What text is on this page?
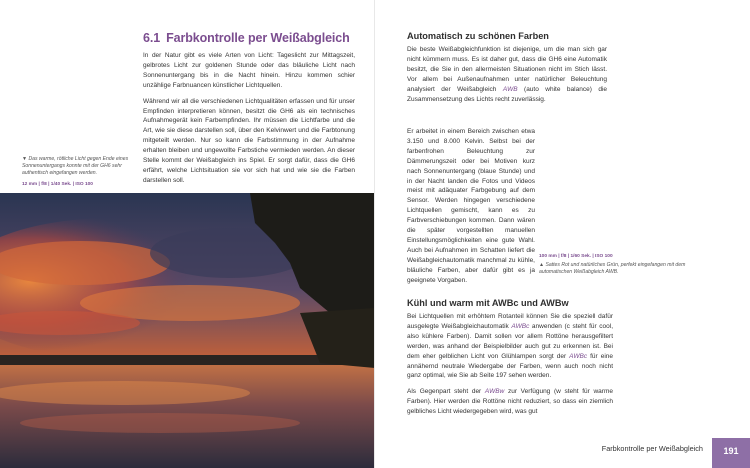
6.1 Farbkontrolle per Weißabgleich

In der Natur gibt es viele Arten von Licht: Tageslicht zur Mittagszeit, gelbrotes Licht zur goldenen Stunde oder das bläuliche Licht nach Sonnenuntergang bis in die Nacht hinein. Hinzu kommen schier unzählige Farbnuancen künstlicher Lichtquellen.

Während wir all die verschiedenen Lichtqualitäten erfassen und für unser Empfinden interpretieren können, besitzt die GH6 als ein technisches Aufnahmegerät kein Farbempfinden. Ihr müssen die Lichtfarbe und die Art, wie sie diese darstellen soll, über den Kelvinwert und die Farbtonung mitgeteilt werden. Nur so kann die Farbstimmung in der Aufnahme erhalten bleiben und ungewollte Farbstiche vermieden werden. An dieser Stelle kommt der Weißabgleich ins Spiel. Er sorgt dafür, dass die GH6 erfährt, welche Lichtsituation sie vor sich hat und wie sie die Farben darstellen soll.

▼ Das warme, rötliche Licht gegen Ende eines Sonnenuntergangs konnte mit der GH6 sehr authentisch eingefangen werden.
12 mm | f/8 | 1/40 Sek. | ISO 100
Automatisch zu schönen Farben

Die beste Weißabgleichfunktion ist diejenige, um die man sich gar nicht kümmern muss. Es ist daher gut, dass die GH6 eine Automatik besitzt, die Sie in den allermeisten Situationen nicht im Stich lässt. Vor allem bei Außenaufnahmen unter natürlicher Beleuchtung analysiert der Weißabgleich AWB (auto white balance) die Zusammensetzung des Lichts recht zuverlässig.

Er arbeitet in einem Bereich zwischen etwa 3.150 und 8.000 Kelvin. Selbst bei der farbenfrohen Beleuchtung zur Dämmerungszeit oder bei Motiven kurz nach Sonnenuntergang (blaue Stunde) und in der Nacht landen die Fotos und Videos meist mit adäquater Farbgebung auf dem Sensor. Werden hingegen verschiedene Lichtquellen gemischt, kann es zu Farbverschiebungen kommen. Dann wären die später vorgestellten manuellen Einstellungsmöglichkeiten eine gute Wahl. Auch bei Aufnahmen im Schatten liefert die Weißabgleichautomatik manchmal zu kühle, bläuliche Farben, aber dafür gibt es ja geeignete Vorgaben.

100 mm | f/8 | 1/60 Sek. | ISO 100
▲ Sattes Rot und natürliches Grün, perfekt eingefangen mit dem automatischen Weißabgleich AWB.
Kühl und warm mit AWBc und AWBw

Bei Lichtquellen mit erhöhtem Rotanteil können Sie die speziell dafür ausgelegte Weißabgleichautomatik AWBc anwenden (c steht für cool, also kühlere Farben). Damit sollen vor allem Rottöne herausgefiltert werden, was anhand der Beispielbilder auch gut zu erkennen ist. Bei dem eher gelblichen Licht von Glühlampen sorgt der AWBc für eine annähernd neutrale Wiedergabe der Farben, wenn auch noch nicht ganz optimal, wie Sie ab Seite 197 sehen werden.

Als Gegenpart steht der AWBw zur Verfügung (w steht für warme Farben). Hier werden die Rottöne nicht reduziert, so dass ein ziemlich gelbliches Licht wiedergegeben wird, was gut

Farbkontrolle per Weißabgleich	191
